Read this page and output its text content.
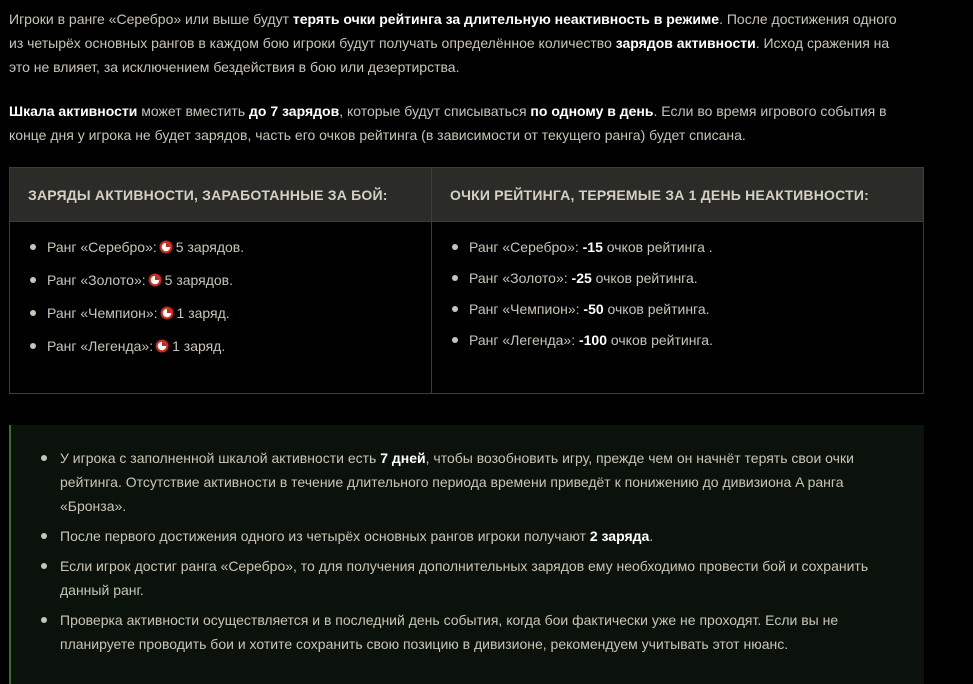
Игроки в ранге «Серебро» или выше будут терять очки рейтинга за длительную неактивность в режиме. После достижения одного из четырёх основных рангов в каждом бою игроки будут получать определённое количество зарядов активности. Исход сражения на это не влияет, за исключением бездействия в бою или дезертирства.

Шкала активности может вместить до 7 зарядов, которые будут списываться по одному в день. Если во время игрового события в конце дня у игрока не будет зарядов, часть его очков рейтинга (в зависимости от текущего ранга) будет списана.

ЗАРЯДЫ АКТИВНОСТИ, ЗАРАБОТАННЫЕ ЗА БОЙ:	ОЧКИ РЕЙТИНГА, ТЕРЯЕМЫЕ ЗА 1 ДЕНЬ НЕАКТИВНОСТИ:
Ранг «Серебро»: 5 зарядов.
Ранг «Золото»: 5 зарядов.
Ранг «Чемпион»: 1 заряд.
Ранг «Легенда»: 1 заряд.
Ранг «Серебро»: -15 очков рейтинга .
Ранг «Золото»: -25 очков рейтинга.
Ранг «Чемпион»: -50 очков рейтинга.
Ранг «Легенда»: -100 очков рейтинга.
У игрока с заполненной шкалой активности есть 7 дней, чтобы возобновить игру, прежде чем он начнёт терять свои очки рейтинга. Отсутствие активности в течение длительного периода времени приведёт к понижению до дивизиона A ранга «Бронза».
После первого достижения одного из четырёх основных рангов игроки получают 2 заряда.
Если игрок достиг ранга «Серебро», то для получения дополнительных зарядов ему необходимо провести бой и сохранить данный ранг.
Проверка активности осуществляется и в последний день события, когда бои фактически уже не проходят. Если вы не планируете проводить бои и хотите сохранить свою позицию в дивизионе, рекомендуем учитывать этот нюанс.
